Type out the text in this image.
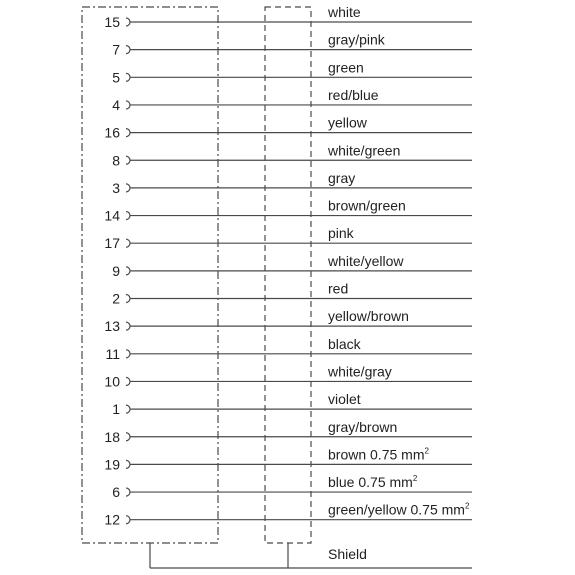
15
white
7
gray/pink
5
green
4
red/blue
16
yellow
8
white/green
3
gray
14
brown/green
17
pink
9
white/yellow
2
red
13
yellow/brown
11
black
10
white/gray
1
violet
18
gray/brown
19
brown 0.75 $mm^2$
6
blue 0.75 $mm^2$
12
green/yellow 0.75 $mm^2$
Shield
